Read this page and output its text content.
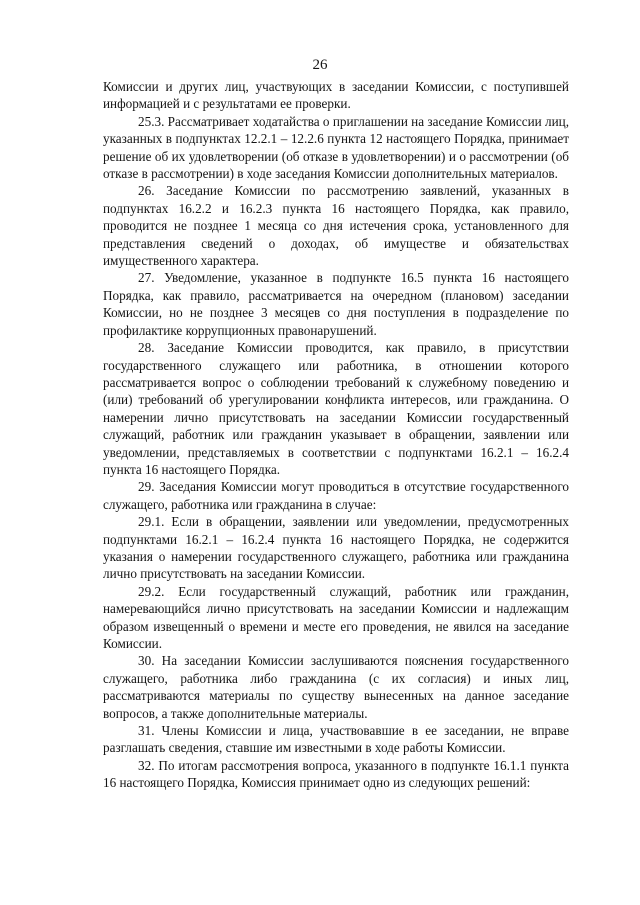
26

Комиссии и других лиц, участвующих в заседании Комиссии, с поступившей информацией и с результатами ее проверки.

25.3. Рассматривает ходатайства о приглашении на заседание Комиссии лиц, указанных в подпунктах 12.2.1 – 12.2.6 пункта 12 настоящего Порядка, принимает решение об их удовлетворении (об отказе в удовлетворении) и о рассмотрении (об отказе в рассмотрении) в ходе заседания Комиссии дополнительных материалов.

26. Заседание Комиссии по рассмотрению заявлений, указанных в подпунктах 16.2.2 и 16.2.3 пункта 16 настоящего Порядка, как правило, проводится не позднее 1 месяца со дня истечения срока, установленного для представления сведений о доходах, об имуществе и обязательствах имущественного характера.

27. Уведомление, указанное в подпункте 16.5 пункта 16 настоящего Порядка, как правило, рассматривается на очередном (плановом) заседании Комиссии, но не позднее 3 месяцев со дня поступления в подразделение по профилактике коррупционных правонарушений.

28. Заседание Комиссии проводится, как правило, в присутствии государственного служащего или работника, в отношении которого рассматривается вопрос о соблюдении требований к служебному поведению и (или) требований об урегулировании конфликта интересов, или гражданина. О намерении лично присутствовать на заседании Комиссии государственный служащий, работник или гражданин указывает в обращении, заявлении или уведомлении, представляемых в соответствии с подпунктами 16.2.1 – 16.2.4 пункта 16 настоящего Порядка.

29. Заседания Комиссии могут проводиться в отсутствие государственного служащего, работника или гражданина в случае:

29.1. Если в обращении, заявлении или уведомлении, предусмотренных подпунктами 16.2.1 – 16.2.4 пункта 16 настоящего Порядка, не содержится указания о намерении государственного служащего, работника или гражданина лично присутствовать на заседании Комиссии.

29.2. Если государственный служащий, работник или гражданин, намеревающийся лично присутствовать на заседании Комиссии и надлежащим образом извещенный о времени и месте его проведения, не явился на заседание Комиссии.

30. На заседании Комиссии заслушиваются пояснения государственного служащего, работника либо гражданина (с их согласия) и иных лиц, рассматриваются материалы по существу вынесенных на данное заседание вопросов, а также дополнительные материалы.

31. Члены Комиссии и лица, участвовавшие в ее заседании, не вправе разглашать сведения, ставшие им известными в ходе работы Комиссии.

32. По итогам рассмотрения вопроса, указанного в подпункте 16.1.1 пункта 16 настоящего Порядка, Комиссия принимает одно из следующих решений:
